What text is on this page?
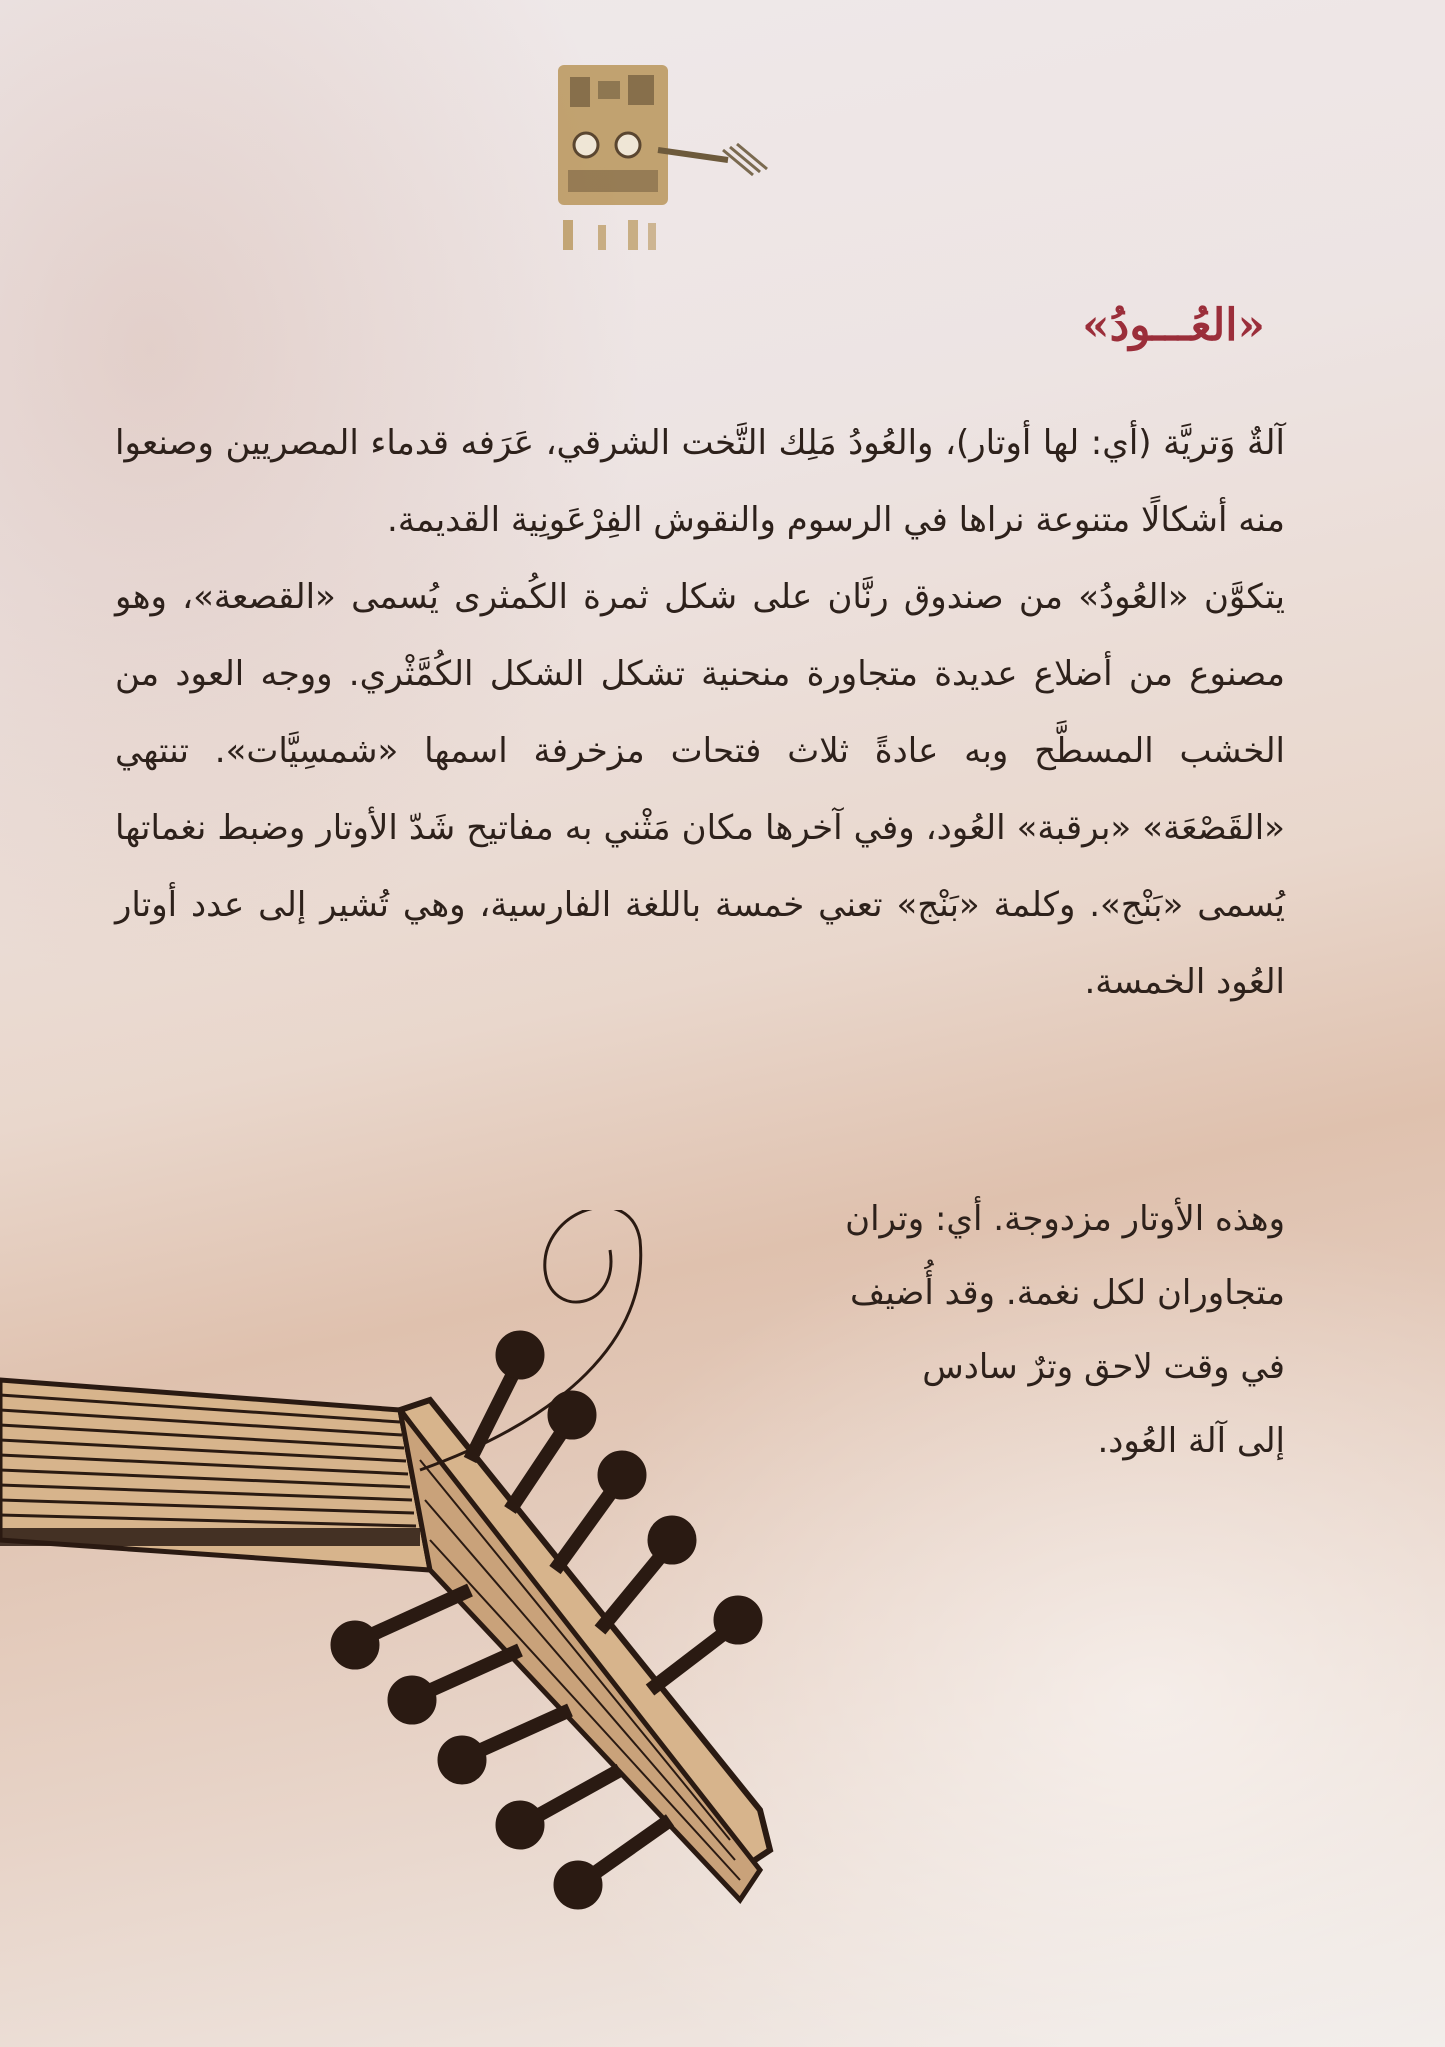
«العُـــودُ»

آلةٌ وَتريَّة (أي: لها أوتار)، والعُودُ مَلِك التَّخت الشرقي، عَرَفه قدماء المصريين وصنعوا منه أشكالًا متنوعة نراها في الرسوم والنقوش الفِرْعَونِية القديمة.

يتكوَّن «العُودُ» من صندوق رنَّان على شكل ثمرة الكُمثرى يُسمى «القصعة»، وهو مصنوع من أضلاع عديدة متجاورة منحنية تشكل الشكل الكُمَّثْري. ووجه العود من الخشب المسطَّح وبه عادةً ثلاث فتحات مزخرفة اسمها «شمسِيَّات». تنتهي «القَصْعَة» «برقبة» العُود، وفي آخرها مكان مَثْني به مفاتيح شَدّ الأوتار وضبط نغماتها يُسمى «بَنْج». وكلمة «بَنْج» تعني خمسة باللغة الفارسية، وهي تُشير إلى عدد أوتار العُود الخمسة.

وهذه الأوتار مزدوجة. أي: وتران

متجاوران لكل نغمة. وقد أُضيف

في وقت لاحق وترٌ سادس

إلى آلة العُود.
